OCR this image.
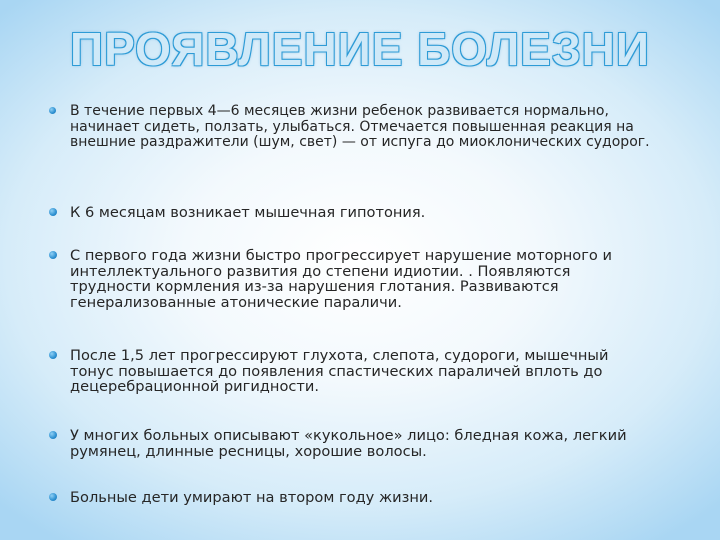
ПРОЯВЛЕНИЕ БОЛЕЗНИ
В течение первых 4—6 месяцев жизни ребенок развивается нормально, начинает сидеть, ползать, улыбаться. Отмечается повышенная реакция на внешние раздражители (шум, свет) — от испуга до миоклонических судорог.
К 6 месяцам возникает мышечная гипотония.
С первого года жизни быстро прогрессирует нарушение моторного и интеллектуального развития до степени идиотии. . Появляются трудности кормления из-за нарушения глотания. Развиваются генерализованные атонические параличи.
После 1,5 лет прогрессируют глухота, слепота, судороги, мышечный тонус повышается до появления спастических параличей вплоть до децеребрационной ригидности.
У многих больных описывают «кукольное» лицо: бледная кожа, легкий румянец, длинные ресницы, хорошие волосы.
Больные дети умирают на втором году жизни.
